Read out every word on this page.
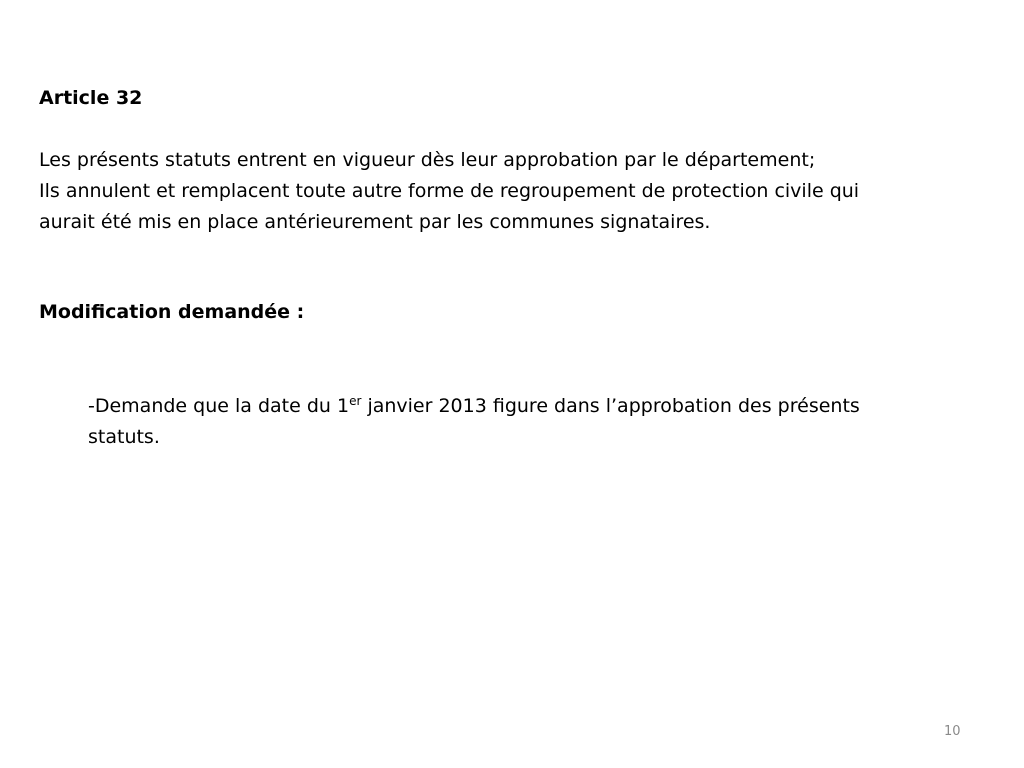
Article 32
Les présents statuts entrent en vigueur dès leur approbation par le département;
Ils annulent et remplacent toute autre forme de regroupement de protection civile qui
aurait été mis en place antérieurement par les communes signataires.
Modification demandée :
-Demande que la date du 1er janvier 2013 figure dans l’approbation des présents
statuts.
10
